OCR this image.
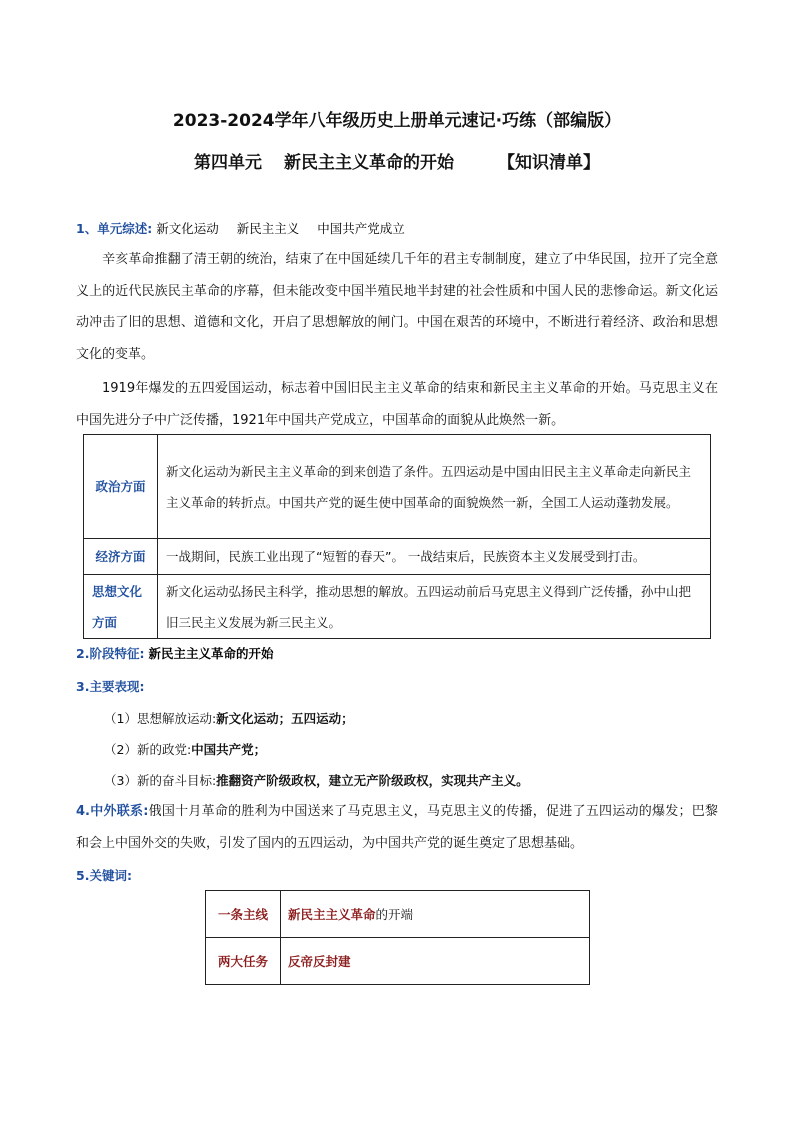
2023-2024学年八年级历史上册单元速记·巧练（部编版）
第四单元 新民主主义革命的开始	【知识清单】
1、单元综述: 新文化运动 新民主主义 中国共产党成立
辛亥革命推翻了清王朝的统治，结束了在中国延续几千年的君主专制制度，建立了中华民国，拉开了完全意义上的近代民族民主革命的序幕，但未能改变中国半殖民地半封建的社会性质和中国人民的悲惨命运。新文化运动冲击了旧的思想、道德和文化，开启了思想解放的闸门。中国在艰苦的环境中，不断进行着经济、政治和思想文化的变革。
1919年爆发的五四爱国运动，标志着中国旧民主主义革命的结束和新民主主义革命的开始。马克思主义在中国先进分子中广泛传播，1921年中国共产党成立，中国革命的面貌从此焕然一新。
政治方面	新文化运动为新民主主义革命的到来创造了条件。五四运动是中国由旧民主主义革命走向新民主主义革命的转折点。中国共产党的诞生使中国革命的面貌焕然一新，全国工人运动蓬勃发展。
经济方面	一战期间，民族工业出现了“短暂的春天”。 一战结束后，民族资本主义发展受到打击。
思想文化方面	新文化运动弘扬民主科学，推动思想的解放。五四运动前后马克思主义得到广泛传播，孙中山把旧三民主义发展为新三民主义。
2.阶段特征: 新民主主义革命的开始
3.主要表现:
（1）思想解放运动:新文化运动；五四运动；
（2）新的政党:中国共产党；
（3）新的奋斗目标:推翻资产阶级政权，建立无产阶级政权，实现共产主义。
4.中外联系:俄国十月革命的胜利为中国送来了马克思主义，马克思主义的传播，促进了五四运动的爆发；巴黎和会上中国外交的失败，引发了国内的五四运动，为中国共产党的诞生奠定了思想基础。
5.关键词:
一条主线	新民主主义革命的开端
两大任务	反帝反封建
